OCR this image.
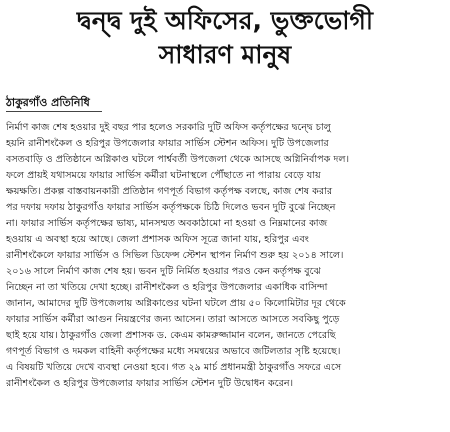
দ্বন্দ্ব দুই অফিসের, ভুক্তভোগী
সাধারণ মানুষ
ঠাকুরগাঁও প্রতিনিধি

নির্মাণ কাজ শেষ হওয়ার দুই বছর পার হলেও সরকারি দুটি অফিস কর্তৃপক্ষের দ্বন্দ্বে চালু
হয়নি রানীশংকৈল ও হরিপুর উপজেলার ফায়ার সার্ভিস স্টেশন অফিস। দুটি উপজেলার
বসতবাড়ি ও প্রতিষ্ঠানে অগ্নিকাণ্ড ঘটলে পার্শ্ববর্তী উপজেলা থেকে আসছে অগ্নিনির্বাপক দল।
ফলে প্রায়ই যথাসময়ে ফায়ার সার্ভিস কর্মীরা ঘটনাস্থলে পৌঁছাতে না পারায় বেড়ে যায়
ক্ষয়ক্ষতি। প্রকল্প বাস্তবায়নকারী প্রতিষ্ঠান গণপূর্ত বিভাগ কর্তৃপক্ষ বলছে, কাজ শেষ করার
পর দফায় দফায় ঠাকুরগাঁও ফায়ার সার্ভিস কর্তৃপক্ষকে চিঠি দিলেও ভবন দুটি বুঝে নিচ্ছেন
না। ফায়ার সার্ভিস কর্তৃপক্ষের ভাষ্য, মানসম্মত অবকাঠামো না হওয়া ও নিম্নমানের কাজ
হওয়ায় এ অবস্থা হয়ে আছে। জেলা প্রশাসক অফিস সূত্রে জানা যায়, হরিপুর এবং
রানীশংকৈলে ফায়ার সার্ভিস ও সিভিল ডিফেন্স স্টেশন স্থাপন নির্মাণ শুরু হয় ২০১৪ সালে।
২০১৬ সালে নির্মাণ কাজ শেষ হয়। ভবন দুটি নির্মিত হওয়ার পরও কেন কর্তৃপক্ষ বুঝে
নিচ্ছেন না তা খতিয়ে দেখা হচ্ছে। রানীশংকৈল ও হরিপুর উপজেলার একাধিক বাসিন্দা
জানান, আমাদের দুটি উপজেলায় অগ্নিকাণ্ডের ঘটনা ঘটলে প্রায় ৫০ কিলোমিটার দূর থেকে
ফায়ার সার্ভিস কর্মীরা আগুন নিয়ন্ত্রণের জন্য আসেন। তারা আসতে আসতে সবকিছু পুড়ে
ছাই হয়ে যায়। ঠাকুরগাঁও জেলা প্রশাসক ড. কেএম কামরুজ্জামান বলেন, জানতে পেরেছি
গণপূর্ত বিভাগ ও দমকল বাহিনী কর্তৃপক্ষের মধ্যে সমন্বয়ের অভাবে জটিলতার সৃষ্টি হয়েছে।
এ বিষয়টি খতিয়ে দেখে ব্যবস্থা নেওয়া হবে। গত ২৯ মার্চ প্রধানমন্ত্রী ঠাকুরগাঁও সফরে এসে
রানীশংকৈল ও হরিপুর উপজেলার ফায়ার সার্ভিস স্টেশন দুটি উদ্বোধন করেন।
